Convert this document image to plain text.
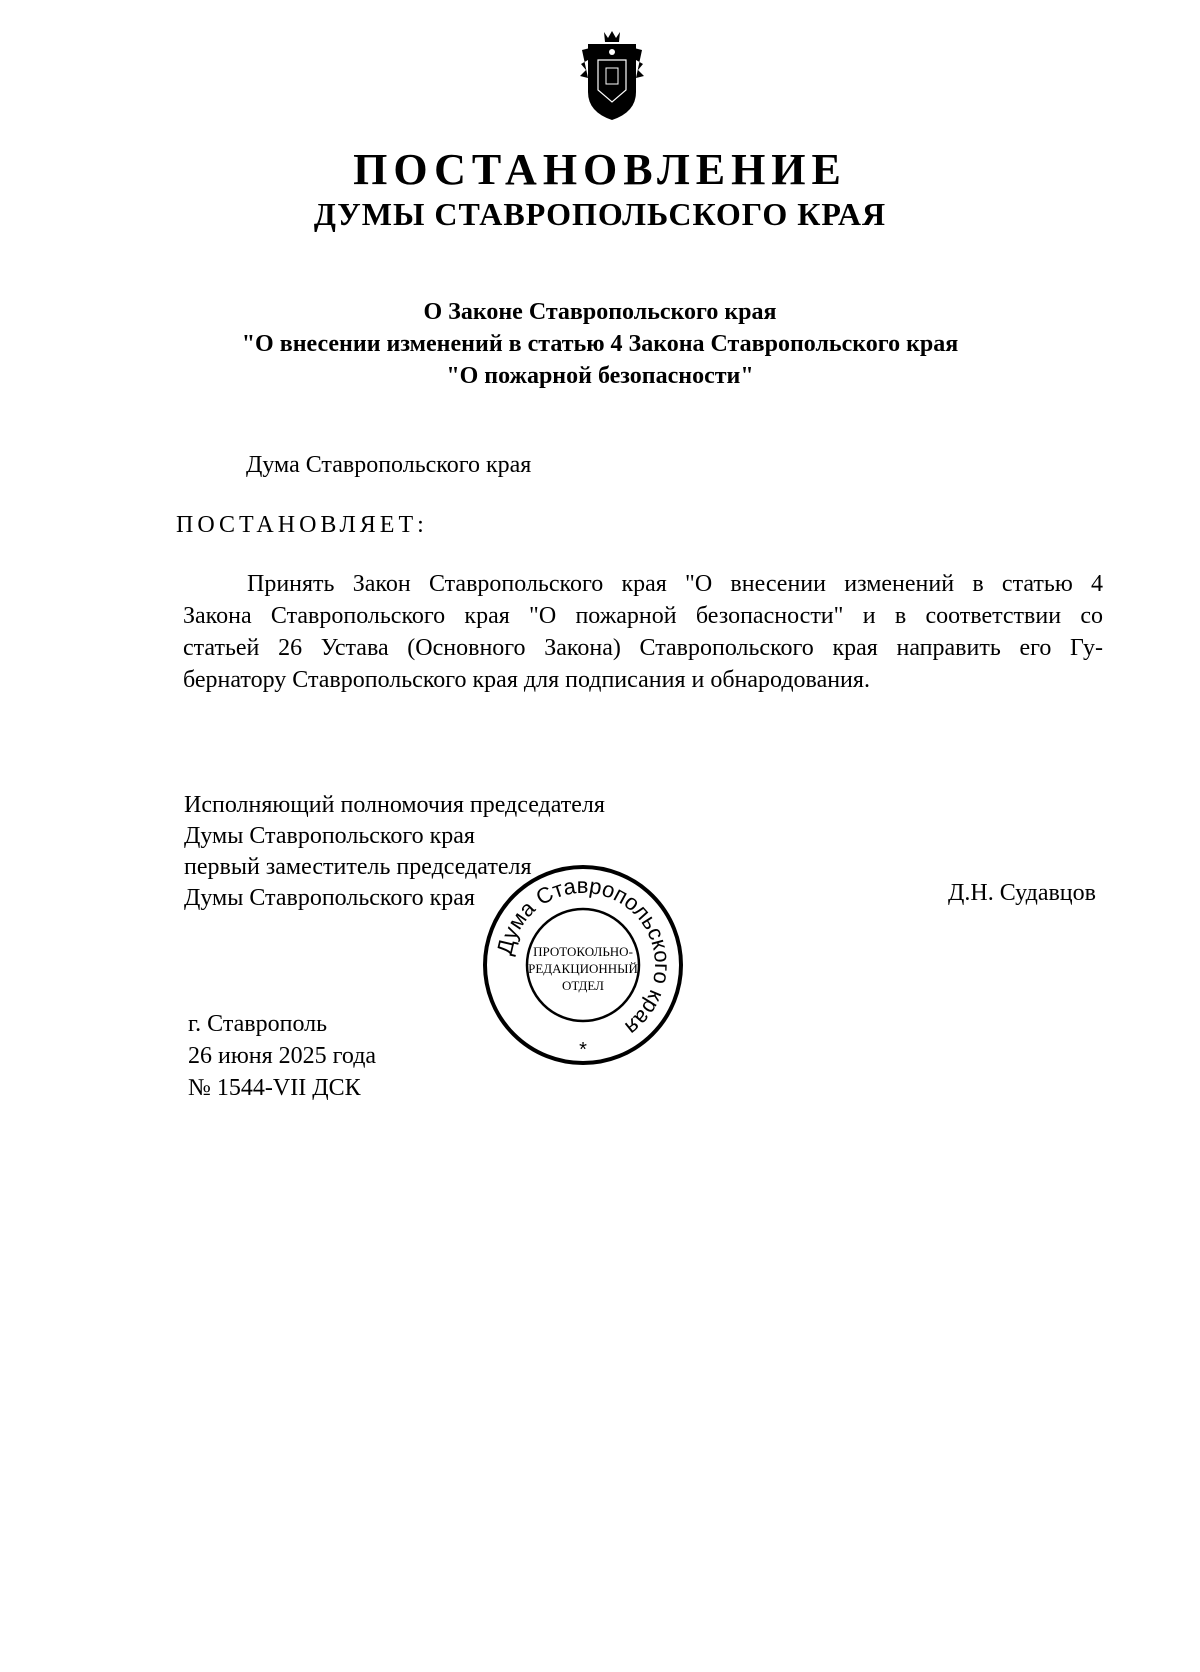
ПОСТАНОВЛЕНИЕ
ДУМЫ СТАВРОПОЛЬСКОГО КРАЯ
О Законе Ставропольского края
"О внесении изменений в статью 4 Закона Ставропольского края
"О пожарной безопасности"
Дума Ставропольского края
ПОСТАНОВЛЯЕТ:
Принять Закон Ставропольского края "О внесении изменений в статью 4
Закона Ставропольского края "О пожарной безопасности" и в соответствии со
статьей 26 Устава (Основного Закона) Ставропольского края направить его Гу-
бернатору Ставропольского края для подписания и обнародования.
Исполняющий полномочия председателя
Думы Ставропольского края
первый заместитель председателя
Думы Ставропольского края	Д.Н. Судавцов
Дума Ставропольского края
ПРОТОКОЛЬНО-
РЕДАКЦИОННЫЙ
ОТДЕЛ
*
г. Ставрополь
26 июня 2025 года
№ 1544-VII ДСК
